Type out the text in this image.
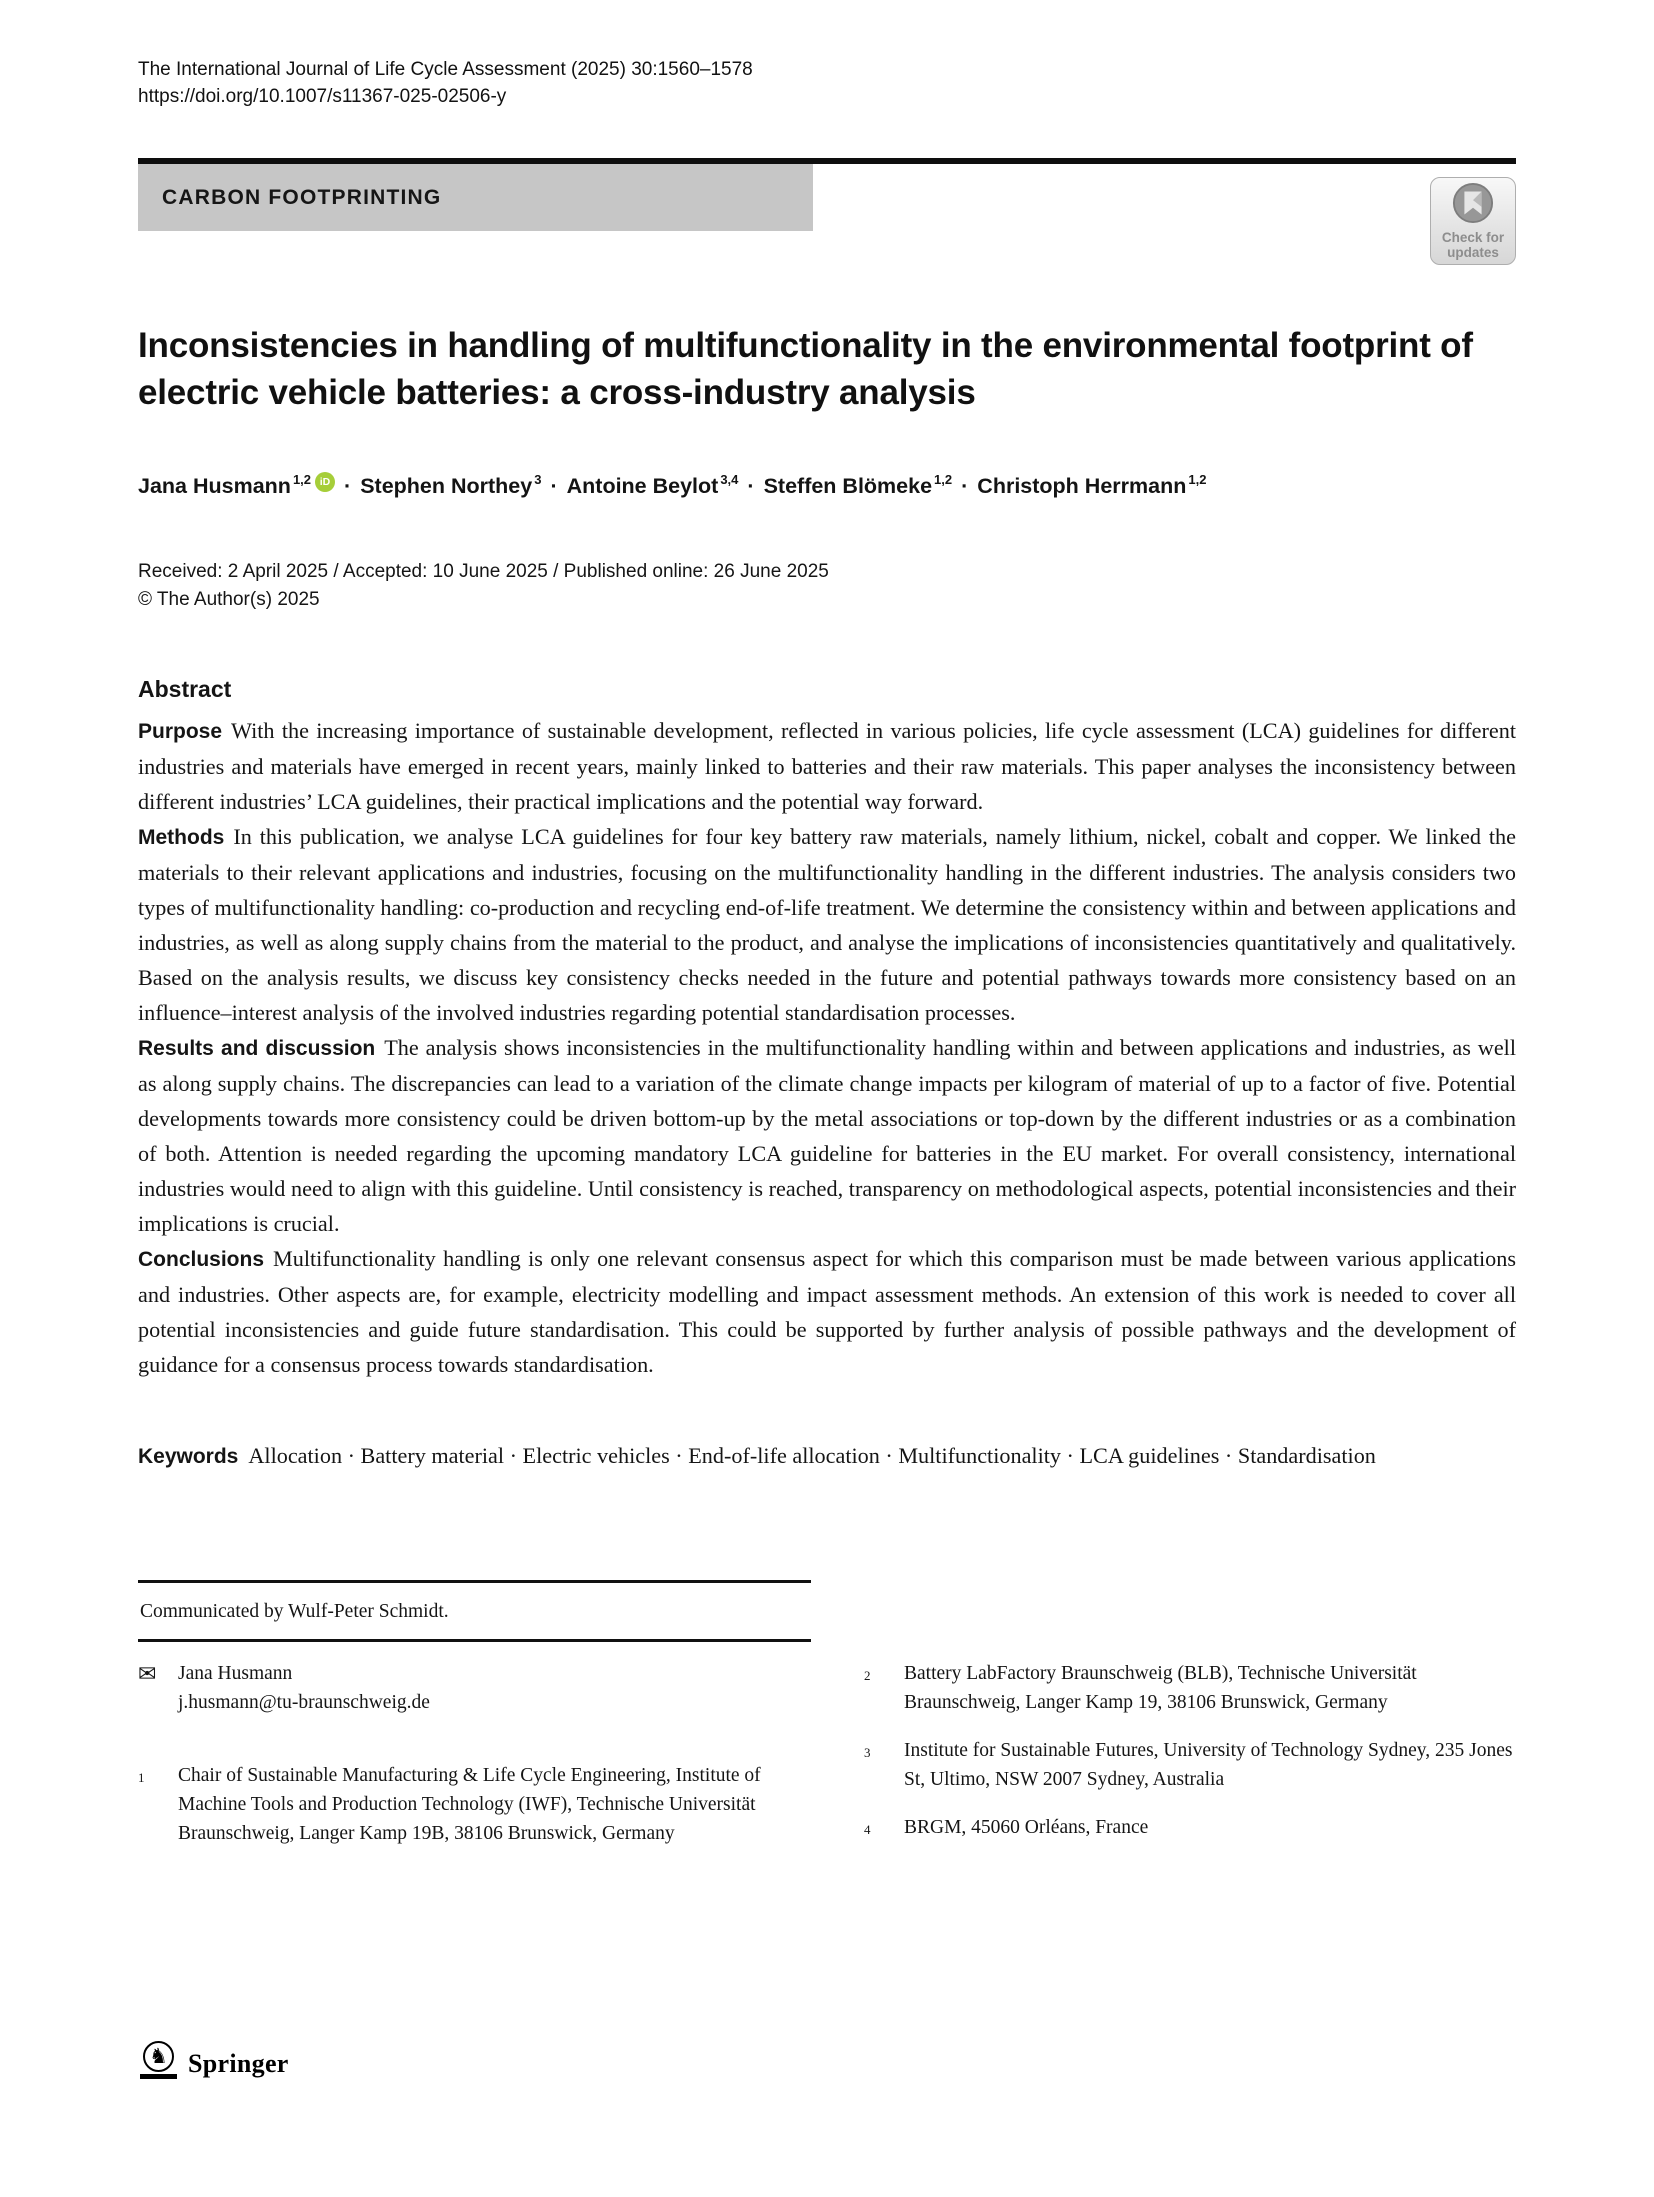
The International Journal of Life Cycle Assessment (2025) 30:1560–1578
https://doi.org/10.1007/s11367-025-02506-y
CARBON FOOTPRINTING
Check for
updates
Inconsistencies in handling of multifunctionality in the environmental footprint of electric vehicle batteries: a cross-industry analysis
Jana Husmann $^{1,2}$ iD · Stephen Northey $^3$ · Antoine Beylot $^{3,4}$ · Steffen Blömeke $^{1,2}$ · Christoph Herrmann $^{1,2}$
Received: 2 April 2025 / Accepted: 10 June 2025 / Published online: 26 June 2025
© The Author(s) 2025
Abstract

Purpose With the increasing importance of sustainable development, reflected in various policies, life cycle assessment (LCA) guidelines for different industries and materials have emerged in recent years, mainly linked to batteries and their raw materials. This paper analyses the inconsistency between different industries’ LCA guidelines, their practical implications and the potential way forward.

Methods In this publication, we analyse LCA guidelines for four key battery raw materials, namely lithium, nickel, cobalt and copper. We linked the materials to their relevant applications and industries, focusing on the multifunctionality handling in the different industries. The analysis considers two types of multifunctionality handling: co-production and recycling end-of-life treatment. We determine the consistency within and between applications and industries, as well as along supply chains from the material to the product, and analyse the implications of inconsistencies quantitatively and qualitatively. Based on the analysis results, we discuss key consistency checks needed in the future and potential pathways towards more consistency based on an influence–interest analysis of the involved industries regarding potential standardisation processes.

Results and discussion The analysis shows inconsistencies in the multifunctionality handling within and between applications and industries, as well as along supply chains. The discrepancies can lead to a variation of the climate change impacts per kilogram of material of up to a factor of five. Potential developments towards more consistency could be driven bottom-up by the metal associations or top-down by the different industries or as a combination of both. Attention is needed regarding the upcoming mandatory LCA guideline for batteries in the EU market. For overall consistency, international industries would need to align with this guideline. Until consistency is reached, transparency on methodological aspects, potential inconsistencies and their implications is crucial.

Conclusions Multifunctionality handling is only one relevant consensus aspect for which this comparison must be made between various applications and industries. Other aspects are, for example, electricity modelling and impact assessment methods. An extension of this work is needed to cover all potential inconsistencies and guide future standardisation. This could be supported by further analysis of possible pathways and the development of guidance for a consensus process towards standardisation.

Keywords Allocation · Battery material · Electric vehicles · End-of-life allocation · Multifunctionality · LCA guidelines · Standardisation

Communicated by Wulf-Peter Schmidt.
✉	Jana Husmann
j.husmann@tu-braunschweig.de
1	Chair of Sustainable Manufacturing & Life Cycle Engineering, Institute of Machine Tools and Production Technology (IWF), Technische Universität Braunschweig, Langer Kamp 19B, 38106 Brunswick, Germany
2	Battery LabFactory Braunschweig (BLB), Technische Universität Braunschweig, Langer Kamp 19, 38106 Brunswick, Germany
3	Institute for Sustainable Futures, University of Technology Sydney, 235 Jones St, Ultimo, NSW 2007 Sydney, Australia
4	BRGM, 45060 Orléans, France
♞ Springer
